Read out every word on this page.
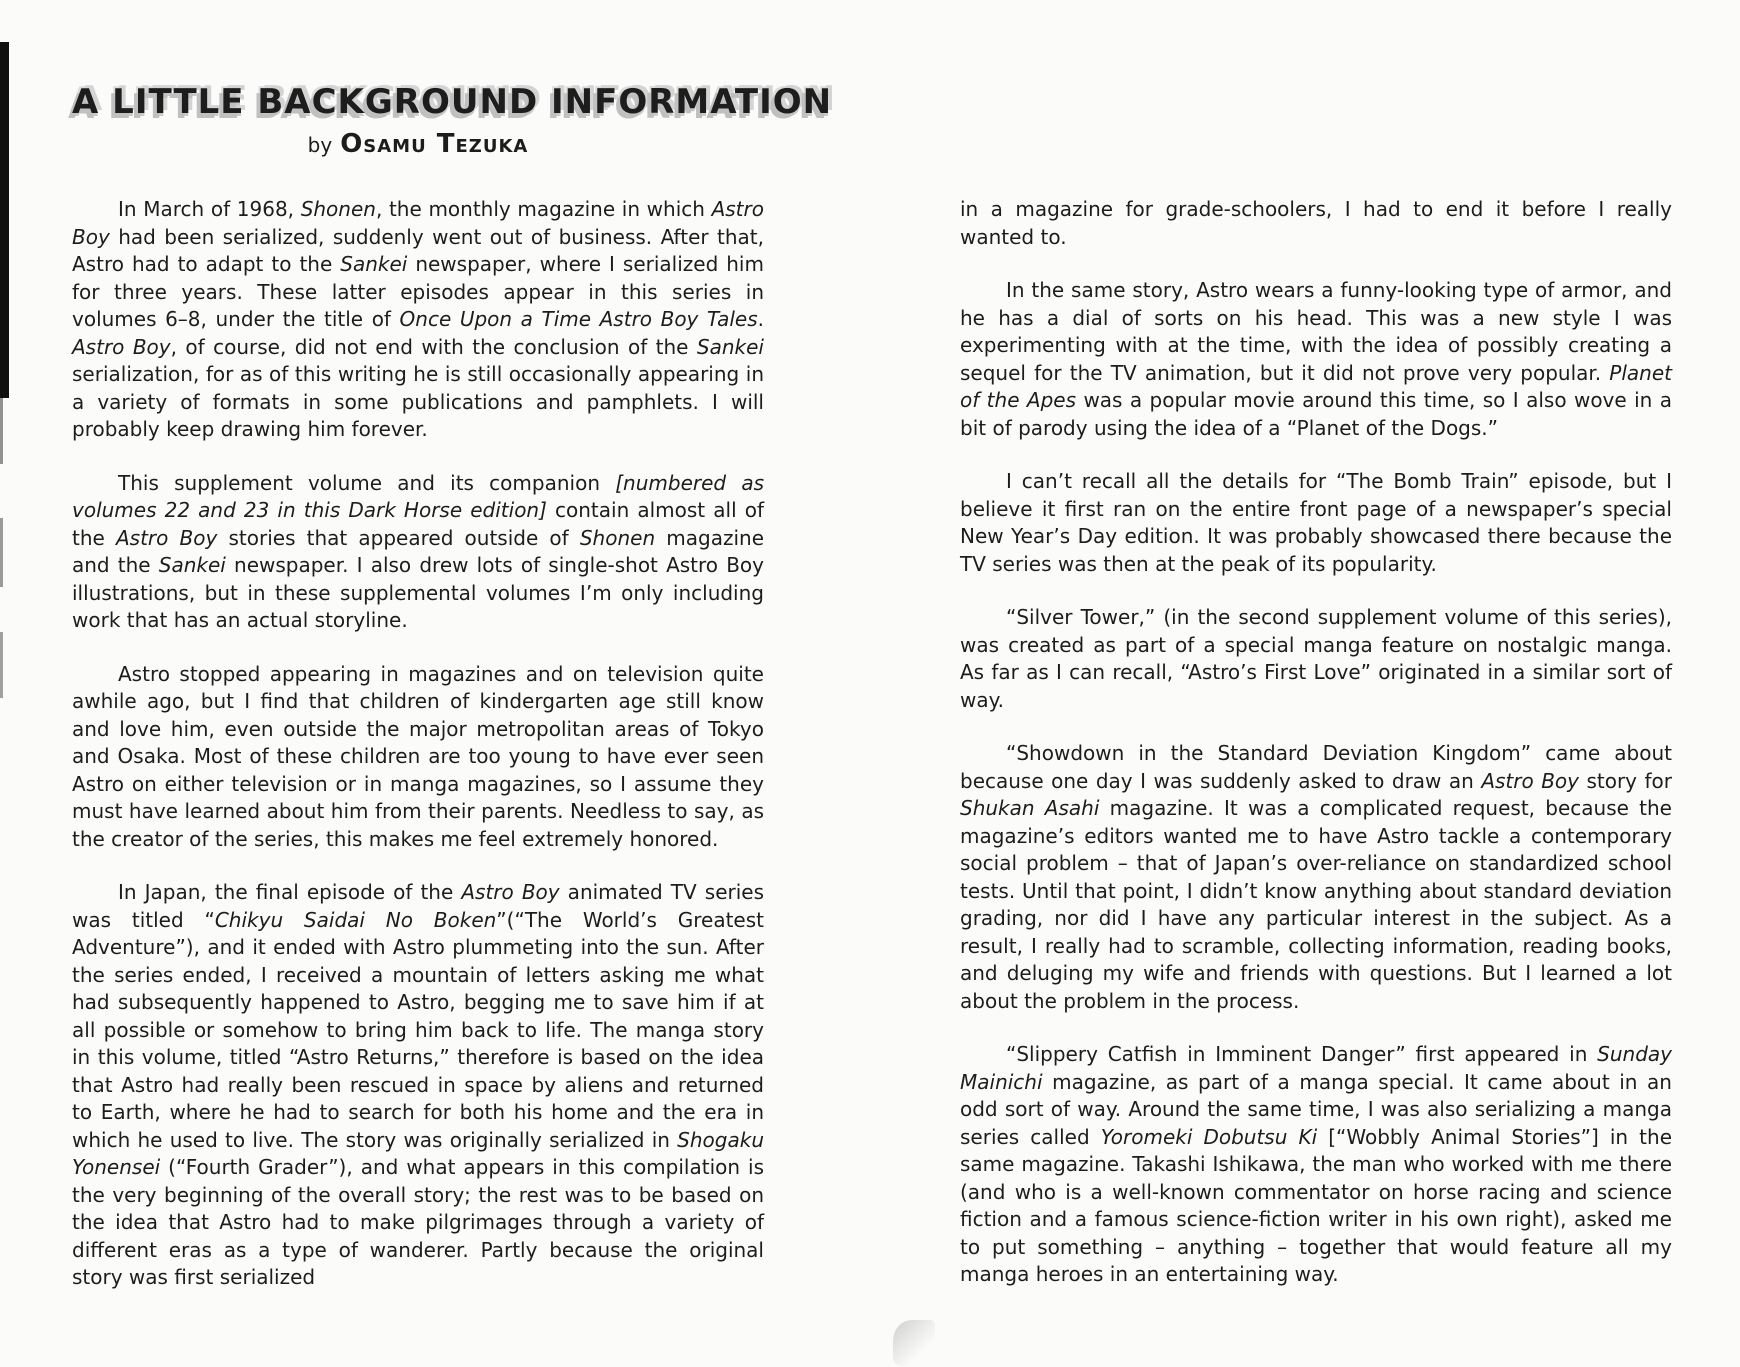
A LITTLE BACKGROUND INFORMATION
by Osamu Tezuka

In March of 1968, Shonen, the monthly magazine in which Astro Boy had been serialized, suddenly went out of business. After that, Astro had to adapt to the Sankei newspaper, where I serialized him for three years. These latter episodes appear in this series in volumes 6–8, under the title of Once Upon a Time Astro Boy Tales. Astro Boy, of course, did not end with the conclusion of the Sankei serialization, for as of this writing he is still occasionally appearing in a variety of formats in some publications and pamphlets. I will probably keep drawing him forever.

This supplement volume and its companion [numbered as volumes 22 and 23 in this Dark Horse edition] contain almost all of the Astro Boy stories that appeared outside of Shonen magazine and the Sankei newspaper. I also drew lots of single-shot Astro Boy illustrations, but in these supplemental volumes I’m only including work that has an actual storyline.

Astro stopped appearing in magazines and on television quite awhile ago, but I find that children of kindergarten age still know and love him, even outside the major metropolitan areas of Tokyo and Osaka. Most of these children are too young to have ever seen Astro on either television or in manga magazines, so I assume they must have learned about him from their parents. Needless to say, as the creator of the series, this makes me feel extremely honored.

In Japan, the final episode of the Astro Boy animated TV series was titled “Chikyu Saidai No Boken”(“The World’s Greatest Adventure”), and it ended with Astro plummeting into the sun. After the series ended, I received a mountain of letters asking me what had subsequently happened to Astro, begging me to save him if at all possible or somehow to bring him back to life. The manga story in this volume, titled “Astro Returns,” therefore is based on the idea that Astro had really been rescued in space by aliens and returned to Earth, where he had to search for both his home and the era in which he used to live. The story was originally serialized in Shogaku Yonensei (“Fourth Grader”), and what appears in this compilation is the very beginning of the overall story; the rest was to be based on the idea that Astro had to make pilgrimages through a variety of different eras as a type of wanderer. Partly because the original story was first serialized

in a magazine for grade-schoolers, I had to end it before I really wanted to.

In the same story, Astro wears a funny-looking type of armor, and he has a dial of sorts on his head. This was a new style I was experimenting with at the time, with the idea of possibly creating a sequel for the TV animation, but it did not prove very popular. Planet of the Apes was a popular movie around this time, so I also wove in a bit of parody using the idea of a “Planet of the Dogs.”

I can’t recall all the details for “The Bomb Train” episode, but I believe it first ran on the entire front page of a newspaper’s special New Year’s Day edition. It was probably showcased there because the TV series was then at the peak of its popularity.

“Silver Tower,” (in the second supplement volume of this series), was created as part of a special manga feature on nostalgic manga. As far as I can recall, “Astro’s First Love” originated in a similar sort of way.

“Showdown in the Standard Deviation Kingdom” came about because one day I was suddenly asked to draw an Astro Boy story for Shukan Asahi magazine. It was a complicated request, because the magazine’s editors wanted me to have Astro tackle a contemporary social problem – that of Japan’s over-reliance on standardized school tests. Until that point, I didn’t know anything about standard deviation grading, nor did I have any particular interest in the subject. As a result, I really had to scramble, collecting information, reading books, and deluging my wife and friends with questions. But I learned a lot about the problem in the process.

“Slippery Catfish in Imminent Danger” first appeared in Sunday Mainichi magazine, as part of a manga special. It came about in an odd sort of way. Around the same time, I was also serializing a manga series called Yoromeki Dobutsu Ki [“Wobbly Animal Stories”] in the same magazine. Takashi Ishikawa, the man who worked with me there (and who is a well-known commentator on horse racing and science fiction and a famous science-fiction writer in his own right), asked me to put something – anything – together that would feature all my manga heroes in an entertaining way.
